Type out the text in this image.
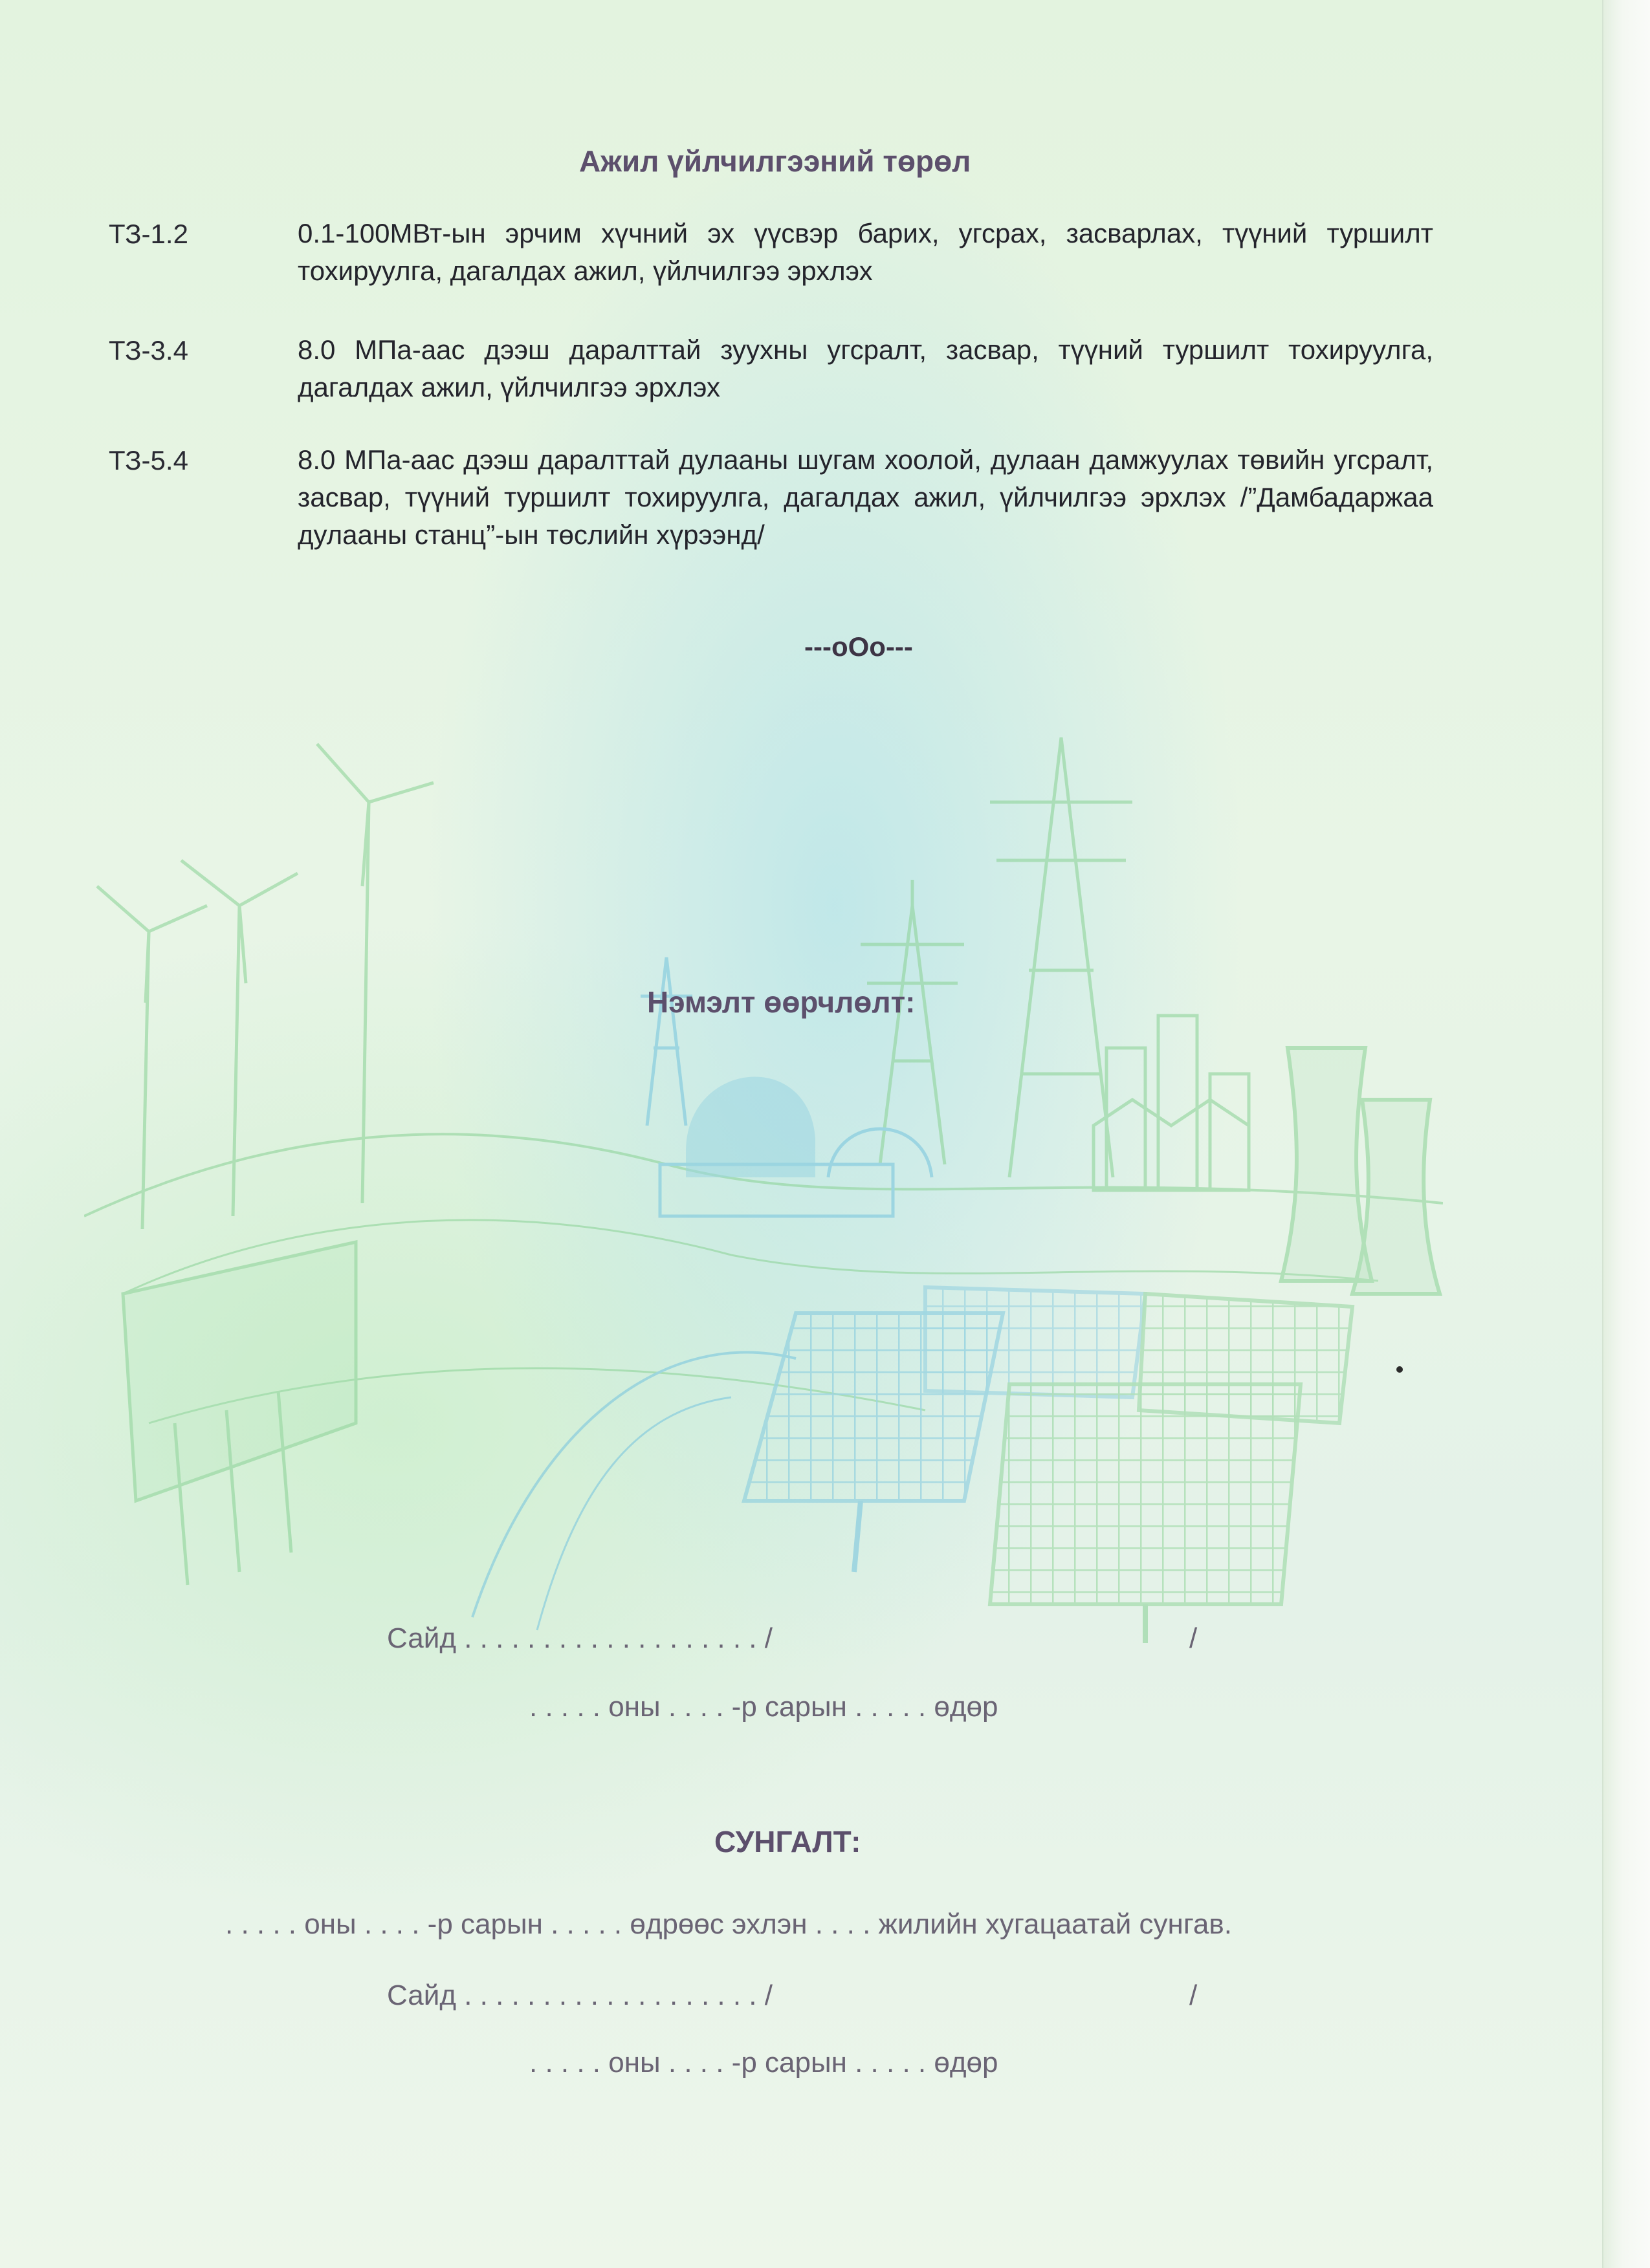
Ажил үйлчилгээний төрөл
ТЗ-1.2	0.1-100МВт-ын эрчим хүчний эх үүсвэр барих, угсрах, засварлах, түүний туршилт тохируулга, дагалдах ажил, үйлчилгээ эрхлэх

ТЗ-3.4	8.0 МПа-аас дээш даралттай зуухны угсралт, засвар, түүний туршилт тохируулга, дагалдах ажил, үйлчилгээ эрхлэх

ТЗ-5.4	8.0 МПа-аас дээш даралттай дулааны шугам хоолой, дулаан дамжуулах төвийн угсралт, засвар, түүний туршилт тохируулга, дагалдах ажил, үйлчилгээ эрхлэх /”Дамбадаржаа дулааны станц”-ын төслийн хүрээнд/

---oOo---
Нэмэлт өөрчлөлт:
Сайд . . . . . . . . . . . . . . . . . . . /	/
. . . . . оны . . . . -р сарын . . . . . өдөр
СУНГАЛТ:
. . . . . оны . . . . -р сарын . . . . . өдрөөс эхлэн . . . . жилийн хугацаатай сунгав.
Сайд . . . . . . . . . . . . . . . . . . . /	/
. . . . . оны . . . . -р сарын . . . . . өдөр
